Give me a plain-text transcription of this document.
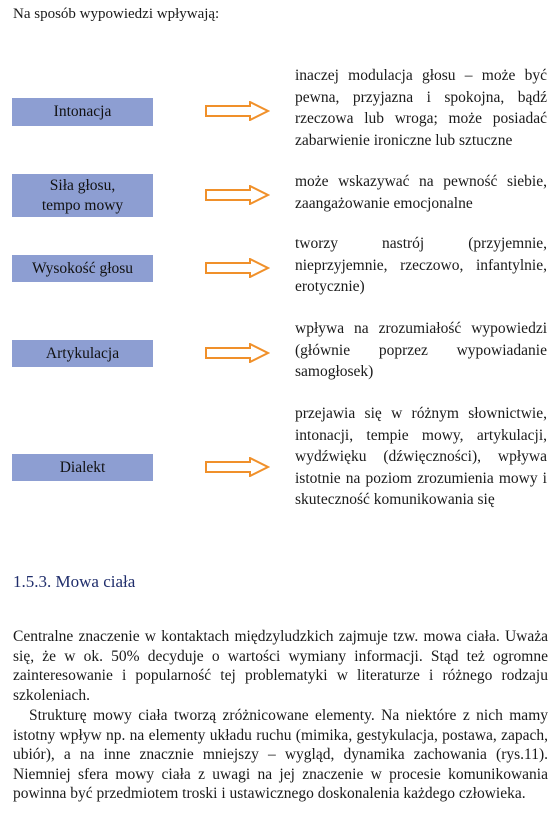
Na sposób wypowiedzi wpływają:
Intonacja
inaczej modulacja głosu – może być pewna, przyjazna i spokojna, bądź rzeczowa lub wroga; może posiadać zabarwienie ironiczne lub sztuczne
Siła głosu,
tempo mowy
może wskazywać na pewność siebie, zaangażowanie emocjonalne
Wysokość głosu
tworzy nastrój (przyjemnie, nieprzyjemnie, rzeczowo, infantylnie, erotycznie)
Artykulacja
wpływa na zrozumiałość wypowiedzi (głównie poprzez wypowiadanie samogłosek)
Dialekt
przejawia się w różnym słownictwie, intonacji, tempie mowy, artykulacji, wydźwięku (dźwięczności), wpływa istotnie na poziom zrozumienia mowy i skuteczność komunikowania się
1.5.3. Mowa ciała
Centralne znaczenie w kontaktach międzyludzkich zajmuje tzw. mowa ciała. Uważa się, że w ok. 50% decyduje o wartości wymiany informacji. Stąd też ogromne zainteresowanie i popularność tej problematyki w literaturze i różnego rodzaju szkoleniach.
Strukturę mowy ciała tworzą zróżnicowane elementy. Na niektóre z nich mamy istotny wpływ np. na elementy układu ruchu (mimika, gestykulacja, postawa, zapach, ubiór), a na inne znacznie mniejszy – wygląd, dynamika zachowania (rys.11). Niemniej sfera mowy ciała z uwagi na jej znaczenie w procesie komunikowania powinna być przedmiotem troski i ustawicznego doskonalenia każdego człowieka.
